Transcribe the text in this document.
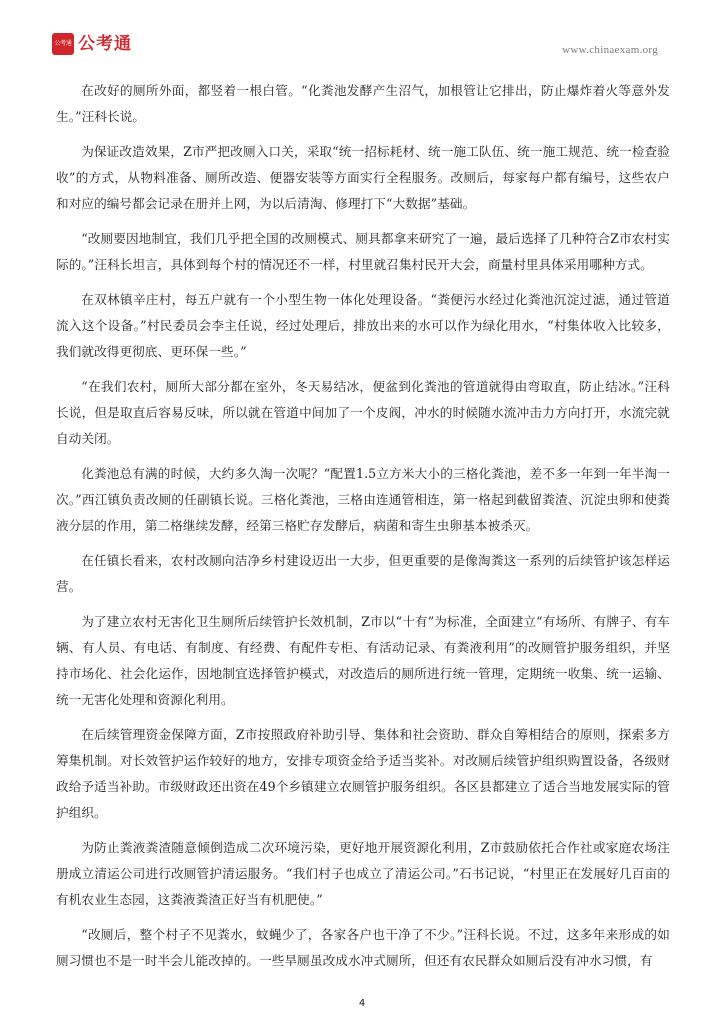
公考通 公考通	www.chinaexam.org

在改好的厕所外面，都竖着一根白管。“化粪池发酵产生沼气，加根管让它排出，防止爆炸着火等意外发生。”汪科长说。

为保证改造效果，Z市严把改厕入口关，采取“统一招标耗材、统一施工队伍、统一施工规范、统一检查验收”的方式，从物料准备、厕所改造、便器安装等方面实行全程服务。改厕后，每家每户都有编号，这些农户和对应的编号都会记录在册并上网，为以后清淘、修理打下“大数据”基础。

“改厕要因地制宜，我们几乎把全国的改厕模式、厕具都拿来研究了一遍，最后选择了几种符合Z市农村实际的。”汪科长坦言，具体到每个村的情况还不一样，村里就召集村民开大会，商量村里具体采用哪种方式。

在双林镇辛庄村，每五户就有一个小型生物一体化处理设备。“粪便污水经过化粪池沉淀过滤，通过管道流入这个设备。”村民委员会李主任说，经过处理后，排放出来的水可以作为绿化用水，“村集体收入比较多，我们就改得更彻底、更环保一些。”

“在我们农村，厕所大部分都在室外，冬天易结冰，便盆到化粪池的管道就得由弯取直，防止结冰。”汪科长说，但是取直后容易反味，所以就在管道中间加了一个皮阀，冲水的时候随水流冲击力方向打开，水流完就自动关闭。

化粪池总有满的时候，大约多久淘一次呢？“配置1.5立方米大小的三格化粪池，差不多一年到一年半淘一次。”西江镇负责改厕的任副镇长说。三格化粪池，三格由连通管相连，第一格起到截留粪渣、沉淀虫卵和使粪液分层的作用，第二格继续发酵，经第三格贮存发酵后，病菌和寄生虫卵基本被杀灭。

在任镇长看来，农村改厕向洁净乡村建设迈出一大步，但更重要的是像淘粪这一系列的后续管护该怎样运营。

为了建立农村无害化卫生厕所后续管护长效机制，Z市以“十有”为标准，全面建立“有场所、有牌子、有车辆、有人员、有电话、有制度、有经费、有配件专柜、有活动记录、有粪液利用”的改厕管护服务组织，并坚持市场化、社会化运作，因地制宜选择管护模式，对改造后的厕所进行统一管理，定期统一收集、统一运输、统一无害化处理和资源化利用。

在后续管理资金保障方面，Z市按照政府补助引导、集体和社会资助、群众自筹相结合的原则，探索多方筹集机制。对长效管护运作较好的地方，安排专项资金给予适当奖补。对改厕后续管护组织购置设备，各级财政给予适当补助。市级财政还出资在49个乡镇建立农厕管护服务组织。各区县都建立了适合当地发展实际的管护组织。

为防止粪液粪渣随意倾倒造成二次环境污染，更好地开展资源化利用，Z市鼓励依托合作社或家庭农场注册成立清运公司进行改厕管护清运服务。“我们村子也成立了清运公司。”石书记说，“村里正在发展好几百亩的有机农业生态园，这粪液粪渣正好当有机肥使。”

“改厕后，整个村子不见粪水，蚊蝇少了，各家各户也干净了不少。”汪科长说。不过，这多年来形成的如厕习惯也不是一时半会儿能改掉的。一些旱厕虽改成水冲式厕所，但还有农民群众如厕后没有冲水习惯，有

4
